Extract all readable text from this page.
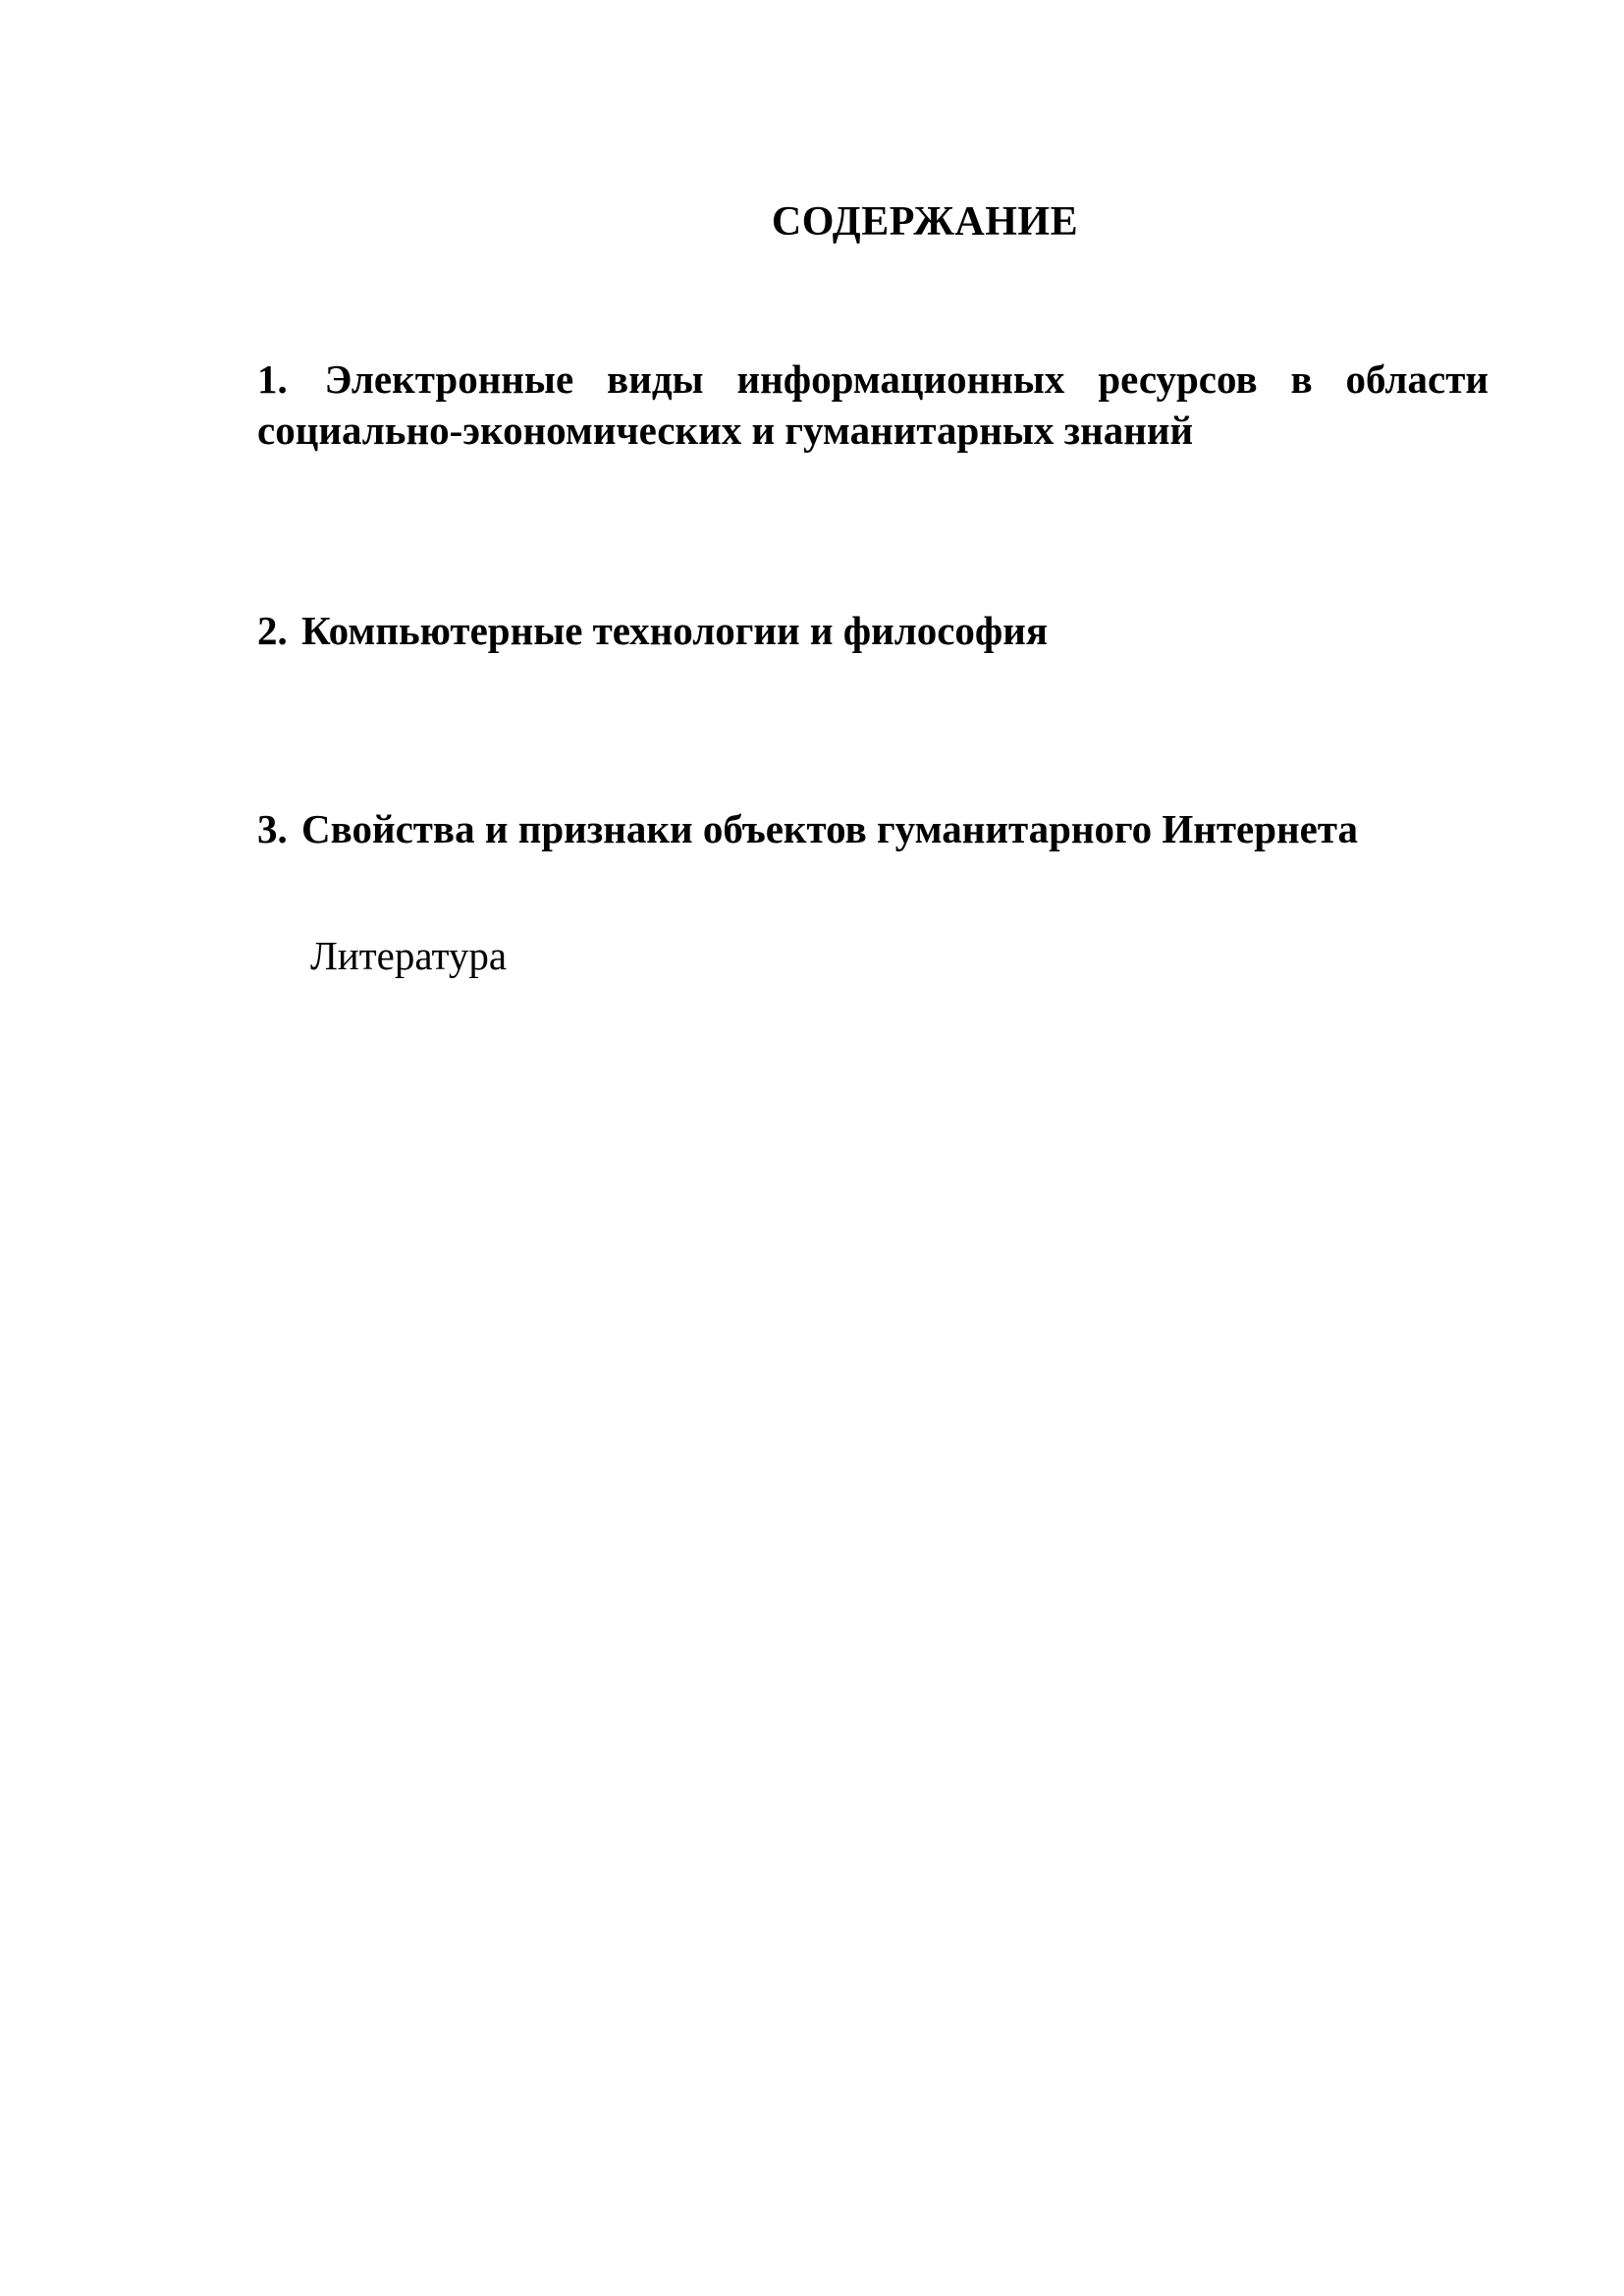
СОДЕРЖАНИЕ

1. Электронные виды информационных ресурсов в области социально-экономических и гуманитарных знаний

2. Компьютерные технологии и философия

3. Свойства и признаки объектов гуманитарного Интернета

Литература
